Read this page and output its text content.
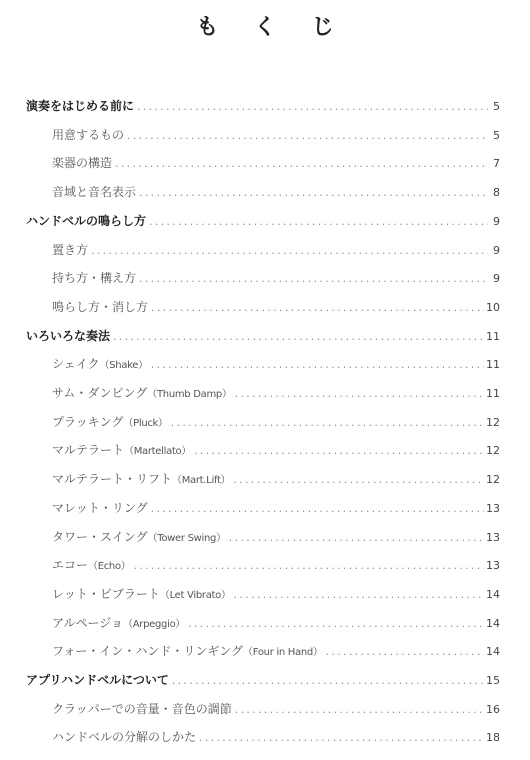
も く じ
演奏をはじめる前に .....	5
用意するもの .....	5
楽器の構造 .....	7
音域と音名表示 .....	8
ハンドベルの鳴らし方 .....	9
置き方 .....	9
持ち方・構え方 .....	9
鳴らし方・消し方 .....	10
いろいろな奏法 .....	11
シェイク（Shake） .....	11
サム・ダンピング（Thumb Damp） .....	11
プラッキング（Pluck） .....	12
マルテラート（Martellato） .....	12
マルテラート・リフト（Mart.Lift） .....	12
マレット・リング .....	13
タワー・スイング（Tower Swing） .....	13
エコー（Echo） .....	13
レット・ビブラート（Let Vibrato） .....	14
アルページョ（Arpeggio） .....	14
フォー・イン・ハンド・リンギング（Four in Hand） .....	14
アプリハンドベルについて .....	15
クラッパーでの音量・音色の調節 .....	16
ハンドベルの分解のしかた .....	18
